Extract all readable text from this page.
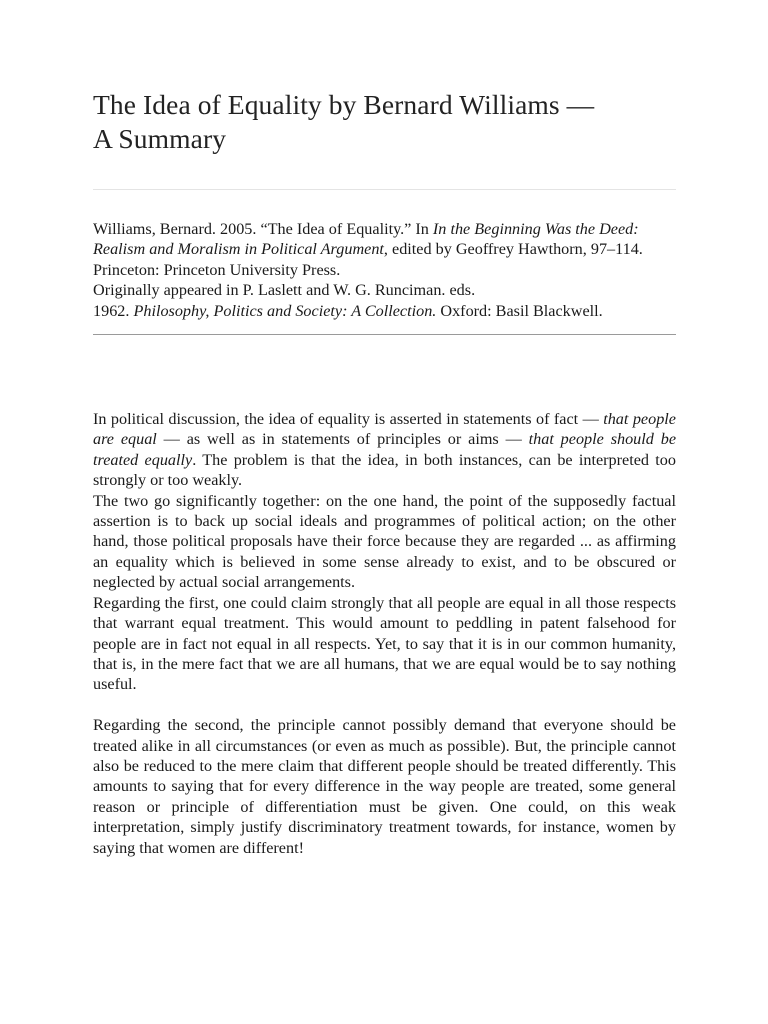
The Idea of Equality by Bernard Williams —
A Summary
Williams, Bernard. 2005. “The Idea of Equality.” In In the Beginning Was the Deed: Realism and Moralism in Political Argument, edited by Geoffrey Hawthorn, 97–114. Princeton: Princeton University Press.
Originally appeared in P. Laslett and W. G. Runciman. eds.
1962. Philosophy, Politics and Society: A Collection. Oxford: Basil Blackwell.

In political discussion, the idea of equality is asserted in statements of fact — that people are equal — as well as in statements of principles or aims — that people should be treated equally. The problem is that the idea, in both instances, can be interpreted too strongly or too weakly.

The two go significantly together: on the one hand, the point of the supposedly factual assertion is to back up social ideals and programmes of political action; on the other hand, those political proposals have their force because they are regarded ... as affirming an equality which is believed in some sense already to exist, and to be obscured or neglected by actual social arrangements.

Regarding the first, one could claim strongly that all people are equal in all those respects that warrant equal treatment. This would amount to peddling in patent falsehood for people are in fact not equal in all respects. Yet, to say that it is in our common humanity, that is, in the mere fact that we are all humans, that we are equal would be to say nothing useful.

Regarding the second, the principle cannot possibly demand that everyone should be treated alike in all circumstances (or even as much as possible). But, the principle cannot also be reduced to the mere claim that different people should be treated differently. This amounts to saying that for every difference in the way people are treated, some general reason or principle of differentiation must be given. One could, on this weak interpretation, simply justify discriminatory treatment towards, for instance, women by saying that women are different!
